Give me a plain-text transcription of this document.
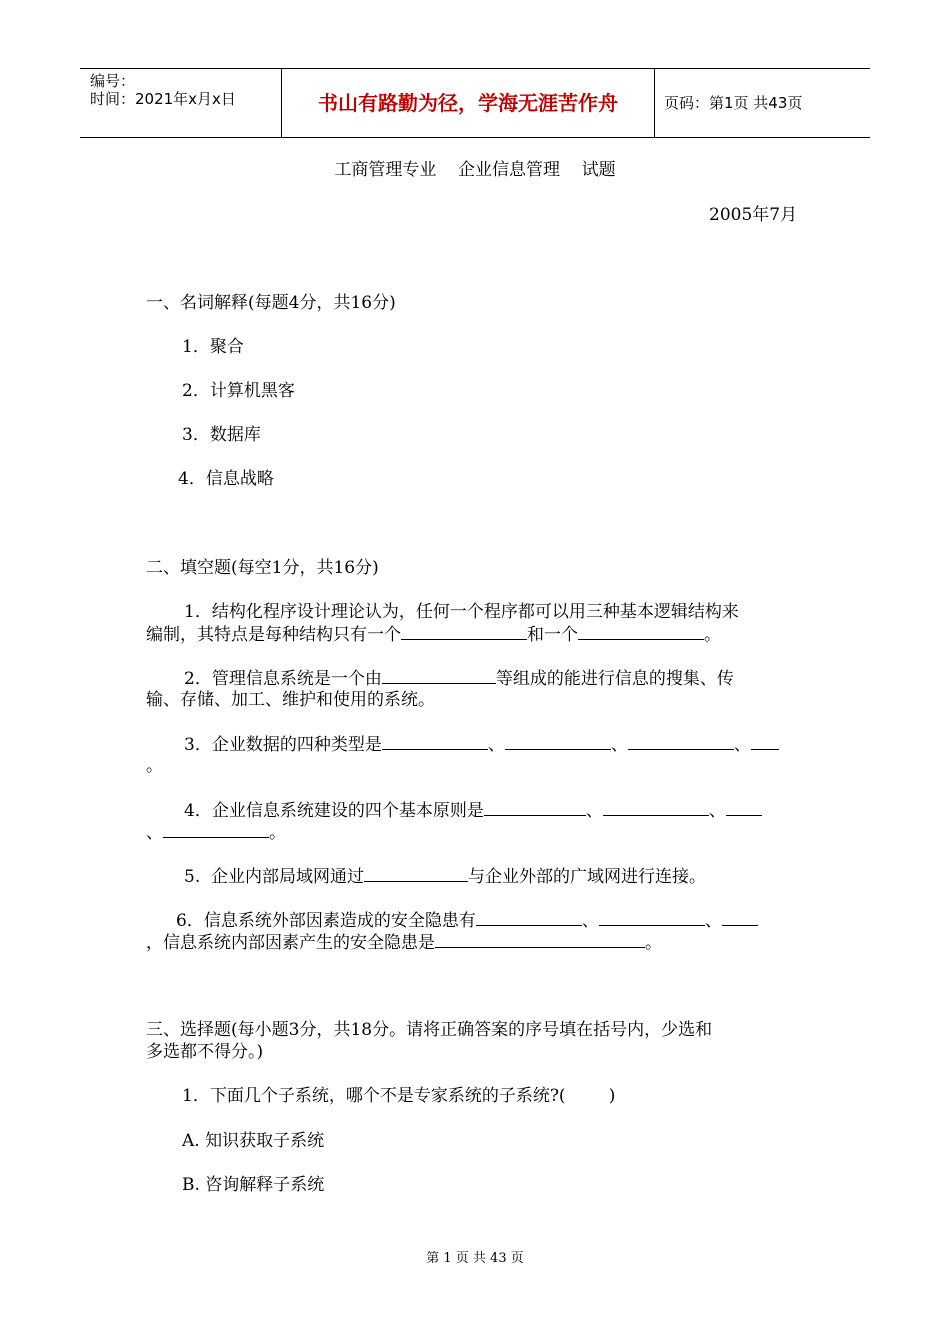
编号：
时间：2021年x月x日	书山有路勤为径，学海无涯苦作舟	页码：第1页 共43页
工商管理专业    企业信息管理    试题
2005年7月
一、名词解释(每题4分，共16分)
1．聚合
2．计算机黑客
3．数据库
4．信息战略
二、填空题(每空1分，共16分)
1．结构化程序设计理论认为，任何一个程序都可以用三种基本逻辑结构来
编制，其特点是每种结构只有一个	和一个	。
2．管理信息系统是一个由	等组成的能进行信息的搜集、传
输、存储、加工、维护和使用的系统。
3．企业数据的四种类型是	、	、	、
。
4．企业信息系统建设的四个基本原则是	、	、
、	。
5.  企业内部局域网通过	与企业外部的广域网进行连接。
6．信息系统外部因素造成的安全隐患有	、	、
，信息系统内部因素产生的安全隐患是	。
三、选择题(每小题3分，共18分。请将正确答案的序号填在括号内，少选和
多选都不得分。)
1．下面几个子系统，哪个不是专家系统的子系统?(        )
A. 知识获取子系统
B. 咨询解释子系统
第 1 页 共 43 页
